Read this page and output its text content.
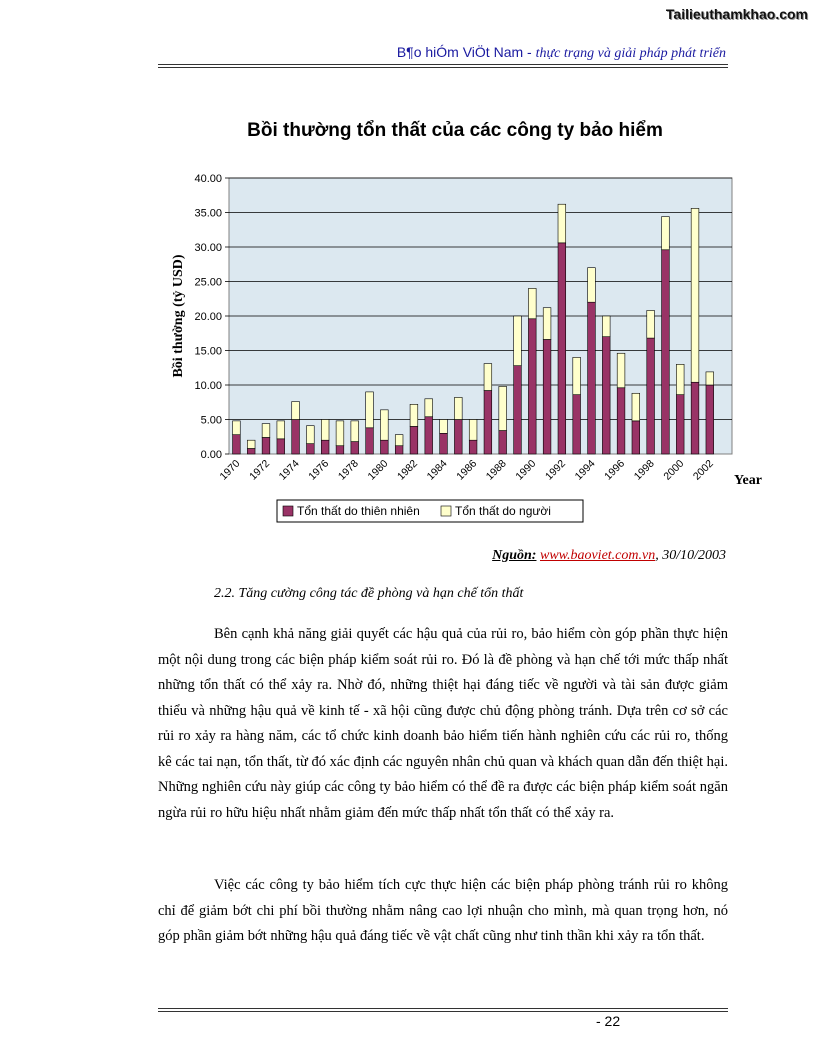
Tailieuthamkhao.com
B¶o hiÓm ViÖt Nam - thực trạng và giải pháp phát triển
Bồi thường tổn thất của các công ty bảo hiểm
0.00
5.00
10.00
15.00
20.00
25.00
30.00
35.00
40.00
Bồi thường (tỷ USD)
1970 1972 1974 1976 1978 1980 1982 1984 1986 1988 1990 1992 1994 1996 1998 2000 2002 Year
Tổn thất do thiên nhiên	Tổn thất do người
Nguồn: www.baoviet.com.vn, 30/10/2003
2.2. Tăng cường công tác đề phòng và hạn chế tổn thất

Bên cạnh khả năng giải quyết các hậu quả của rủi ro, bảo hiểm còn góp phần thực hiện một nội dung trong các biện pháp kiểm soát rủi ro. Đó là đề phòng và hạn chế tới mức thấp nhất những tổn thất có thể xảy ra. Nhờ đó, những thiệt hại đáng tiếc về người và tài sản được giảm thiểu và những hậu quả về kinh tế - xã hội cũng được chủ động phòng tránh. Dựa trên cơ sở các rủi ro xảy ra hàng năm, các tổ chức kinh doanh bảo hiểm tiến hành nghiên cứu các rủi ro, thống kê các tai nạn, tổn thất, từ đó xác định các nguyên nhân chủ quan và khách quan dẫn đến thiệt hại. Những nghiên cứu này giúp các công ty bảo hiểm có thể đề ra được các biện pháp kiểm soát ngăn ngừa rủi ro hữu hiệu nhất nhằm giảm đến mức thấp nhất tổn thất có thể xảy ra.

Việc các công ty bảo hiểm tích cực thực hiện các biện pháp phòng tránh rủi ro không chỉ để giảm bớt chi phí bồi thường nhằm nâng cao lợi nhuận cho mình, mà quan trọng hơn, nó góp phần giảm bớt những hậu quả đáng tiếc về vật chất cũng như tinh thần khi xảy ra tổn thất.

- 22
